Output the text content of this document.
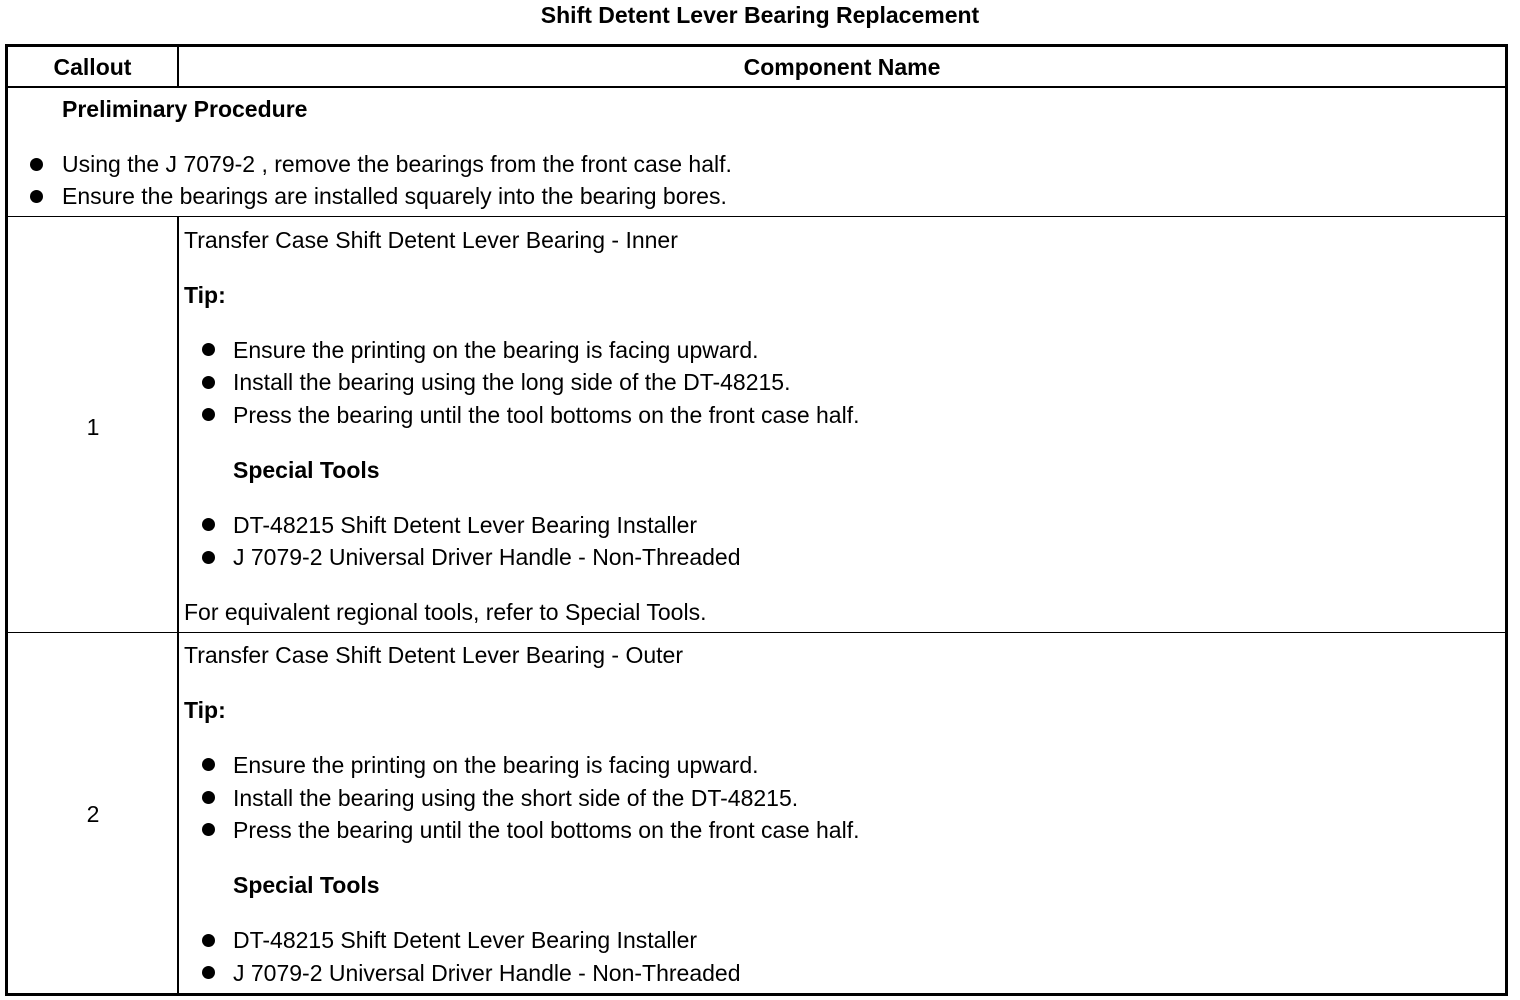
Shift Detent Lever Bearing Replacement
Callout	Component Name
Preliminary Procedure
Using the J 7079-2 , remove the bearings from the front case half.
Ensure the bearings are installed squarely into the bearing bores.
1
Transfer Case Shift Detent Lever Bearing - Inner
Tip:
Ensure the printing on the bearing is facing upward.
Install the bearing using the long side of the DT-48215.
Press the bearing until the tool bottoms on the front case half.
Special Tools
DT-48215 Shift Detent Lever Bearing Installer
J 7079-2 Universal Driver Handle - Non-Threaded
For equivalent regional tools, refer to Special Tools.
2
Transfer Case Shift Detent Lever Bearing - Outer
Tip:
Ensure the printing on the bearing is facing upward.
Install the bearing using the short side of the DT-48215.
Press the bearing until the tool bottoms on the front case half.
Special Tools
DT-48215 Shift Detent Lever Bearing Installer
J 7079-2 Universal Driver Handle - Non-Threaded
